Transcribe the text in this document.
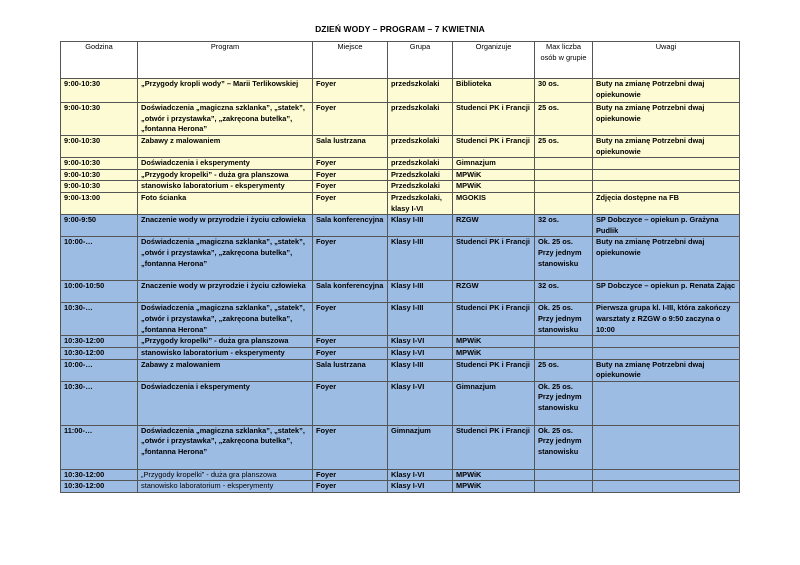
DZIEŃ WODY – PROGRAM – 7 KWIETNIA
Godzina	Program	Miejsce	Grupa	Organizuje	Max liczba osób w grupie	Uwagi
9:00-10:30	„Przygody kropli wody” – Marii Terlikowskiej	Foyer	przedszkolaki	Biblioteka	30 os.	Buty na zmianę Potrzebni dwaj opiekunowie
9:00-10:30	Doświadczenia „magiczna szklanka”, „statek”, „otwór i przystawka”, „zakręcona butelka”, „fontanna Herona”	Foyer	przedszkolaki	Studenci PK i Francji	25 os.	Buty na zmianę Potrzebni dwaj opiekunowie
9:00-10:30	Zabawy z malowaniem	Sala lustrzana	przedszkolaki	Studenci PK i Francji	25 os.	Buty na zmianę Potrzebni dwaj opiekunowie
9:00-10:30	Doświadczenia i eksperymenty	Foyer	przedszkolaki	Gimnazjum		
9:00-10:30	„Przygody kropelki” - duża gra planszowa	Foyer	Przedszkolaki	MPWiK		
9:00-10:30	stanowisko laboratorium - eksperymenty	Foyer	Przedszkolaki	MPWiK		
9:00-13:00	Foto ścianka	Foyer	Przedszkolaki, klasy I-VI	MGOKIS		Zdjęcia dostępne na FB
9:00-9:50	Znaczenie wody w przyrodzie i życiu człowieka	Sala konferencyjna	Klasy I-III	RZGW	32 os.	SP Dobczyce – opiekun p. Grażyna Pudlik
10:00-…	Doświadczenia „magiczna szklanka”, „statek”, „otwór i przystawka”, „zakręcona butelka”, „fontanna Herona”	Foyer	Klasy I-III	Studenci PK i Francji	Ok. 25 os. Przy jednym stanowisku	Buty na zmianę Potrzebni dwaj opiekunowie
10:00-10:50	Znaczenie wody w przyrodzie i życiu człowieka	Sala konferencyjna	Klasy I-III	RZGW	32 os.	SP Dobczyce – opiekun p. Renata Zając
10:30-…	Doświadczenia „magiczna szklanka”, „statek”, „otwór i przystawka”, „zakręcona butelka”, „fontanna Herona”	Foyer	Klasy I-III	Studenci PK i Francji	Ok. 25 os. Przy jednym stanowisku	Pierwsza grupa kl. I-III, która zakończy warsztaty z RZGW o 9:50 zaczyna o 10:00
10:30-12:00	„Przygody kropelki” - duża gra planszowa	Foyer	Klasy I-VI	MPWiK		
10:30-12:00	stanowisko laboratorium - eksperymenty	Foyer	Klasy I-VI	MPWiK		
10:00-…	Zabawy z malowaniem	Sala lustrzana	Klasy I-III	Studenci PK i Francji	25 os.	Buty na zmianę Potrzebni dwaj opiekunowie
10:30-…	Doświadczenia i eksperymenty	Foyer	Klasy I-VI	Gimnazjum	Ok. 25 os. Przy jednym stanowisku	
11:00-…	Doświadczenia „magiczna szklanka”, „statek”, „otwór i przystawka”, „zakręcona butelka”, „fontanna Herona”	Foyer	Gimnazjum	Studenci PK i Francji	Ok. 25 os. Przy jednym stanowisku	
10:30-12:00	„Przygody kropelki” - duża gra planszowa	Foyer	Klasy I-VI	MPWiK		
10:30-12:00	stanowisko laboratorium - eksperymenty	Foyer	Klasy I-VI	MPWiK		
